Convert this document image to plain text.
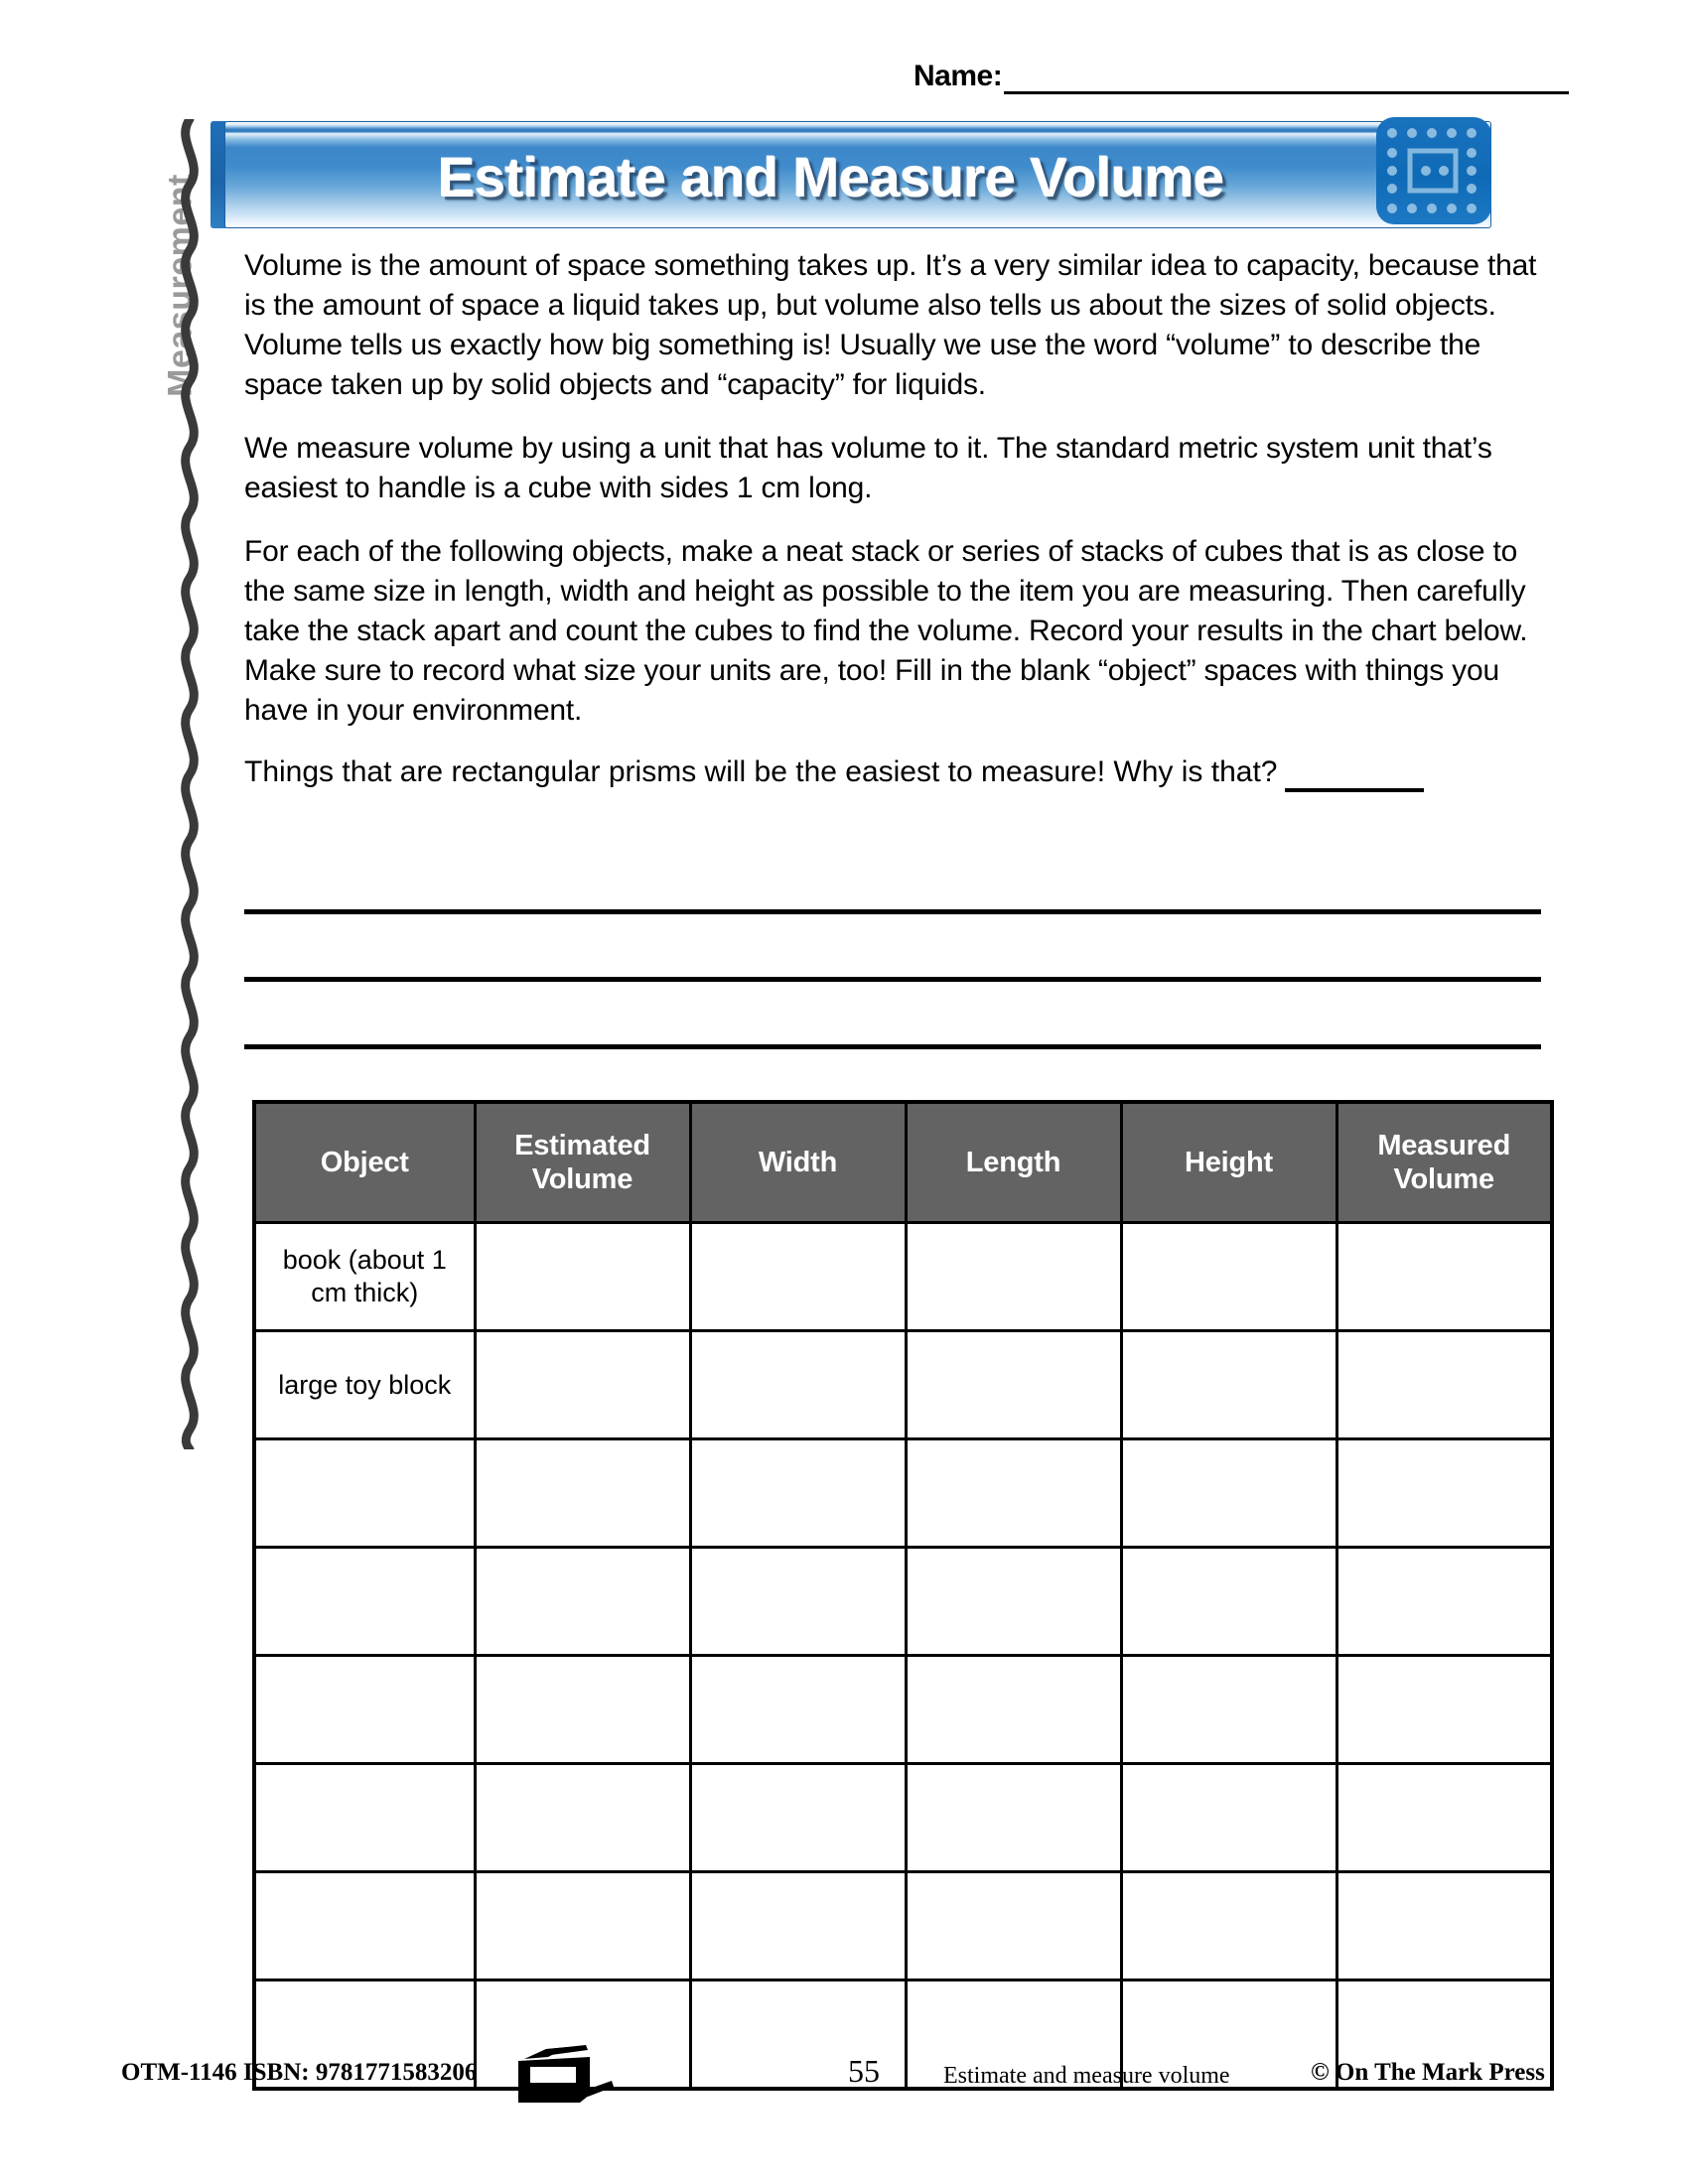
Name:
Measurement	Estimate and Measure Volume

Volume is the amount of space something takes up. It’s a very similar idea to capacity, because that is the amount of space a liquid takes up, but volume also tells us about the sizes of solid objects. Volume tells us exactly how big something is! Usually we use the word “volume” to describe the space taken up by solid objects and “capacity” for liquids.

We measure volume by using a unit that has volume to it. The standard metric system unit that’s easiest to handle is a cube with sides 1 cm long.

For each of the following objects, make a neat stack or series of stacks of cubes that is as close to the same size in length, width and height as possible to the item you are measuring. Then carefully take the stack apart and count the cubes to find the volume. Record your results in the chart below. Make sure to record what size your units are, too! Fill in the blank “object” spaces with things you have in your environment.

Things that are rectangular prisms will be the easiest to measure! Why is that?

Object	Estimated Volume	Width	Length	Height	Measured Volume
book (about 1 cm thick)					
large toy block					

OTM-1146 ISBN: 9781771583206	55	Estimate and measure volume	© On The Mark Press
